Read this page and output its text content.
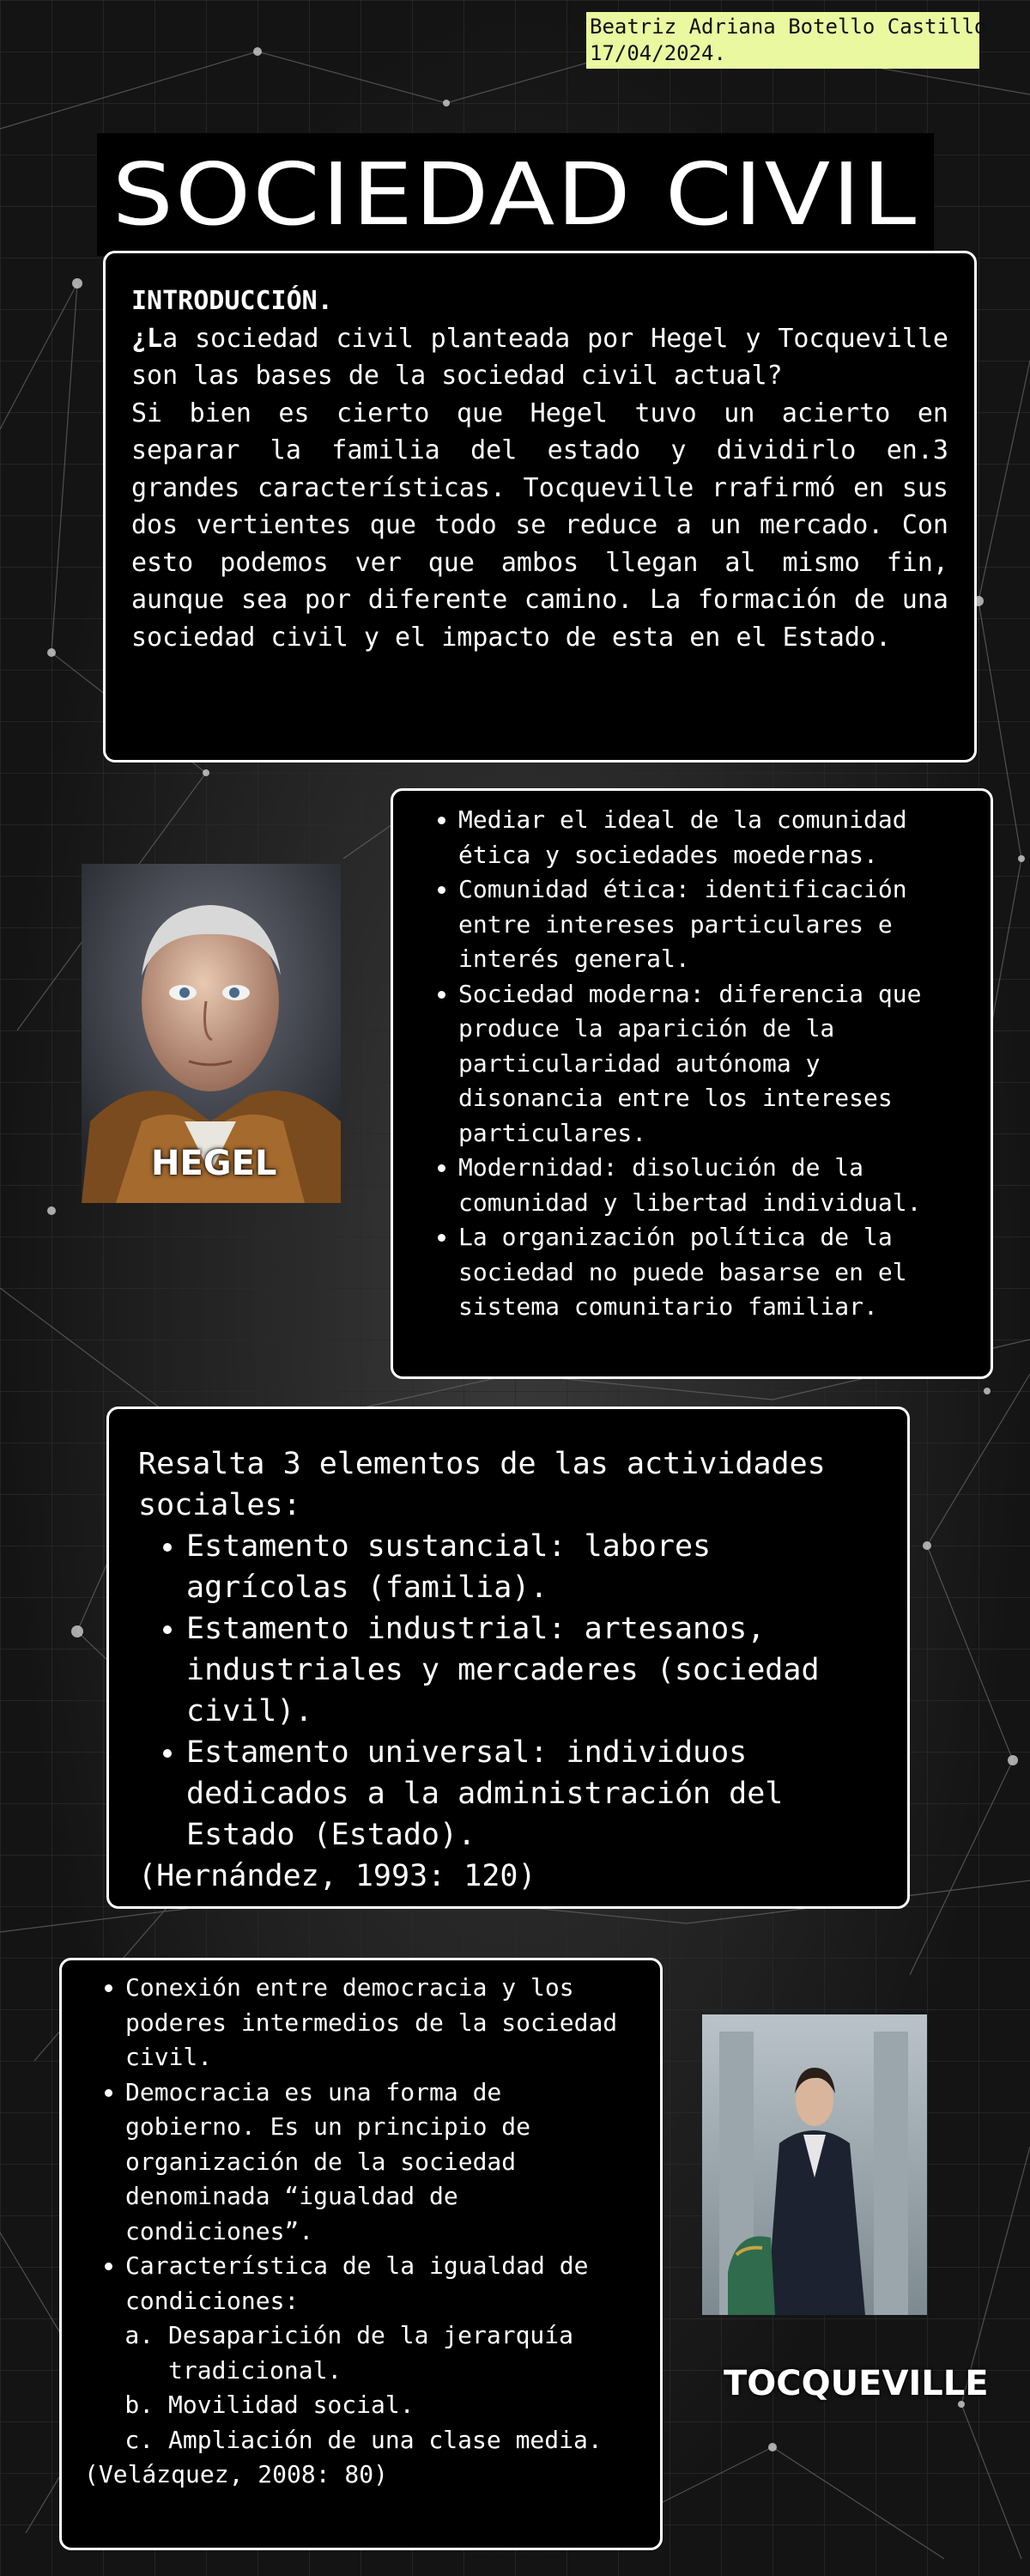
Beatriz Adriana Botello Castillo
17/04/2024.
SOCIEDAD CIVIL
INTRODUCCIÓN.

¿La sociedad civil planteada por Hegel y Tocqueville son las bases de la sociedad civil actual?

Si bien es cierto que Hegel tuvo un acierto en separar la familia del estado y dividirlo en.3 grandes características. Tocqueville rrafirmó en sus dos vertientes que todo se reduce a un mercado. Con esto podemos ver que ambos llegan al mismo fin, aunque sea por diferente camino. La formación de una sociedad civil y el impacto de esta en el Estado.

HEGEL
• Mediar el ideal de la comunidad ética y sociedades moedernas.
• Comunidad ética: identificación entre intereses particulares e interés general.
• Sociedad moderna: diferencia que produce la aparición de la particularidad autónoma y disonancia entre los intereses particulares.
• Modernidad: disolución de la comunidad y libertad individual.
• La organización política de la sociedad no puede basarse en el sistema comunitario familiar.

Resalta 3 elementos de las actividades sociales:

• Estamento sustancial: labores agrícolas (familia).
• Estamento industrial: artesanos, industriales y mercaderes (sociedad civil).
• Estamento universal: individuos dedicados a la administración del Estado (Estado).

(Hernández, 1993: 120)

• Conexión entre democracia y los poderes intermedios de la sociedad civil.
• Democracia es una forma de gobierno. Es un principio de organización de la sociedad denominada “igualdad de condiciones”.
• Característica de la igualdad de condiciones:
a. Desaparición de la jerarquía tradicional.
b. Movilidad social.
c. Ampliación de una clase media.

(Velázquez, 2008: 80)

TOCQUEVILLE
